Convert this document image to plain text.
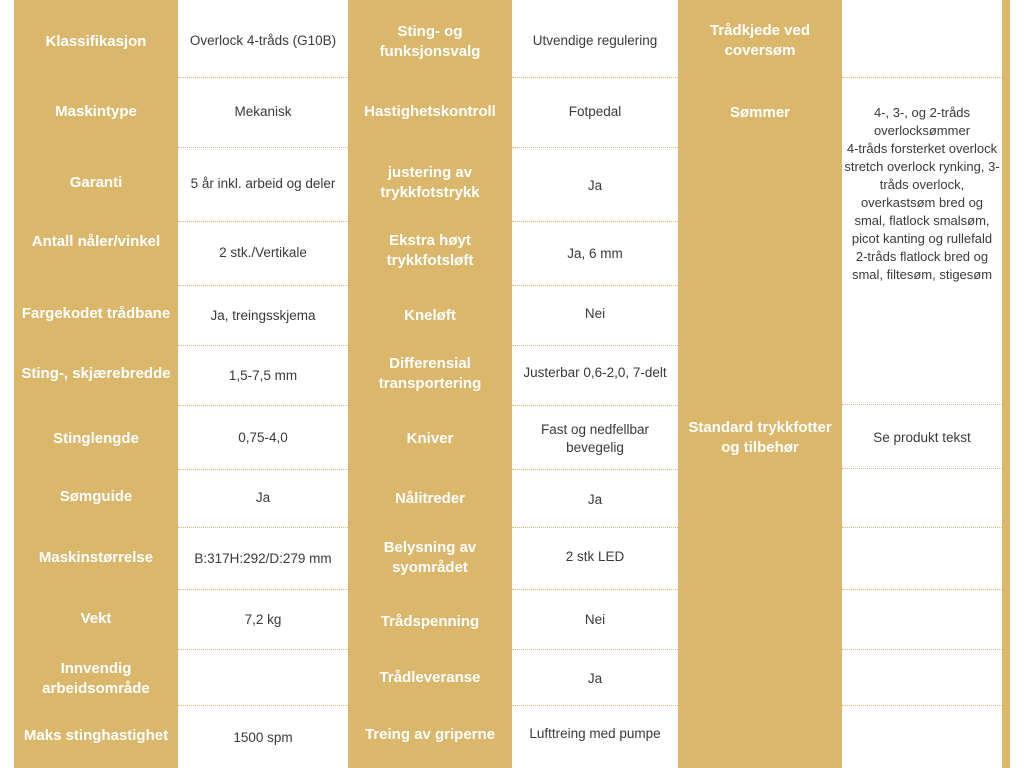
Klassifikasjon
Maskintype
Garanti
Antall nåler/vinkel
Fargekodet trådbane
Sting-, skjærebredde
Stinglengde
Sømguide
Maskinstørrelse
Vekt
Innvendig arbeidsområde
Maks stinghastighet
Overlock 4-tråds (G10B)
Mekanisk
5 år inkl. arbeid og deler
2 stk./Vertikale
Ja, treingsskjema
1,5-7,5 mm
0,75-4,0
Ja
B:317H:292/D:279 mm
7,2 kg
1500 spm
Sting- og funksjonsvalg
Hastighetskontroll
justering av trykkfotstrykk
Ekstra høyt trykkfotsløft
Kneløft
Differensial transportering
Kniver
Nålitreder
Belysning av syområdet
Trådspenning
Trådleveranse
Treing av griperne
Utvendige regulering
Fotpedal
Ja
Ja, 6 mm
Nei
Justerbar 0,6-2,0, 7-delt
Fast og nedfellbar bevegelig
Ja
2 stk LED
Nei
Ja
Lufttreing med pumpe
Trådkjede ved coversøm
Sømmer
Standard trykkfotter og tilbehør
4-, 3-, og 2-tråds overlocksømmer
4-tråds forsterket overlock stretch overlock rynking, 3-tråds overlock, overkastsøm bred og smal, flatlock smalsøm, picot kanting og rullefald
2-tråds flatlock bred og smal, filtesøm, stigesøm
Se produkt tekst
